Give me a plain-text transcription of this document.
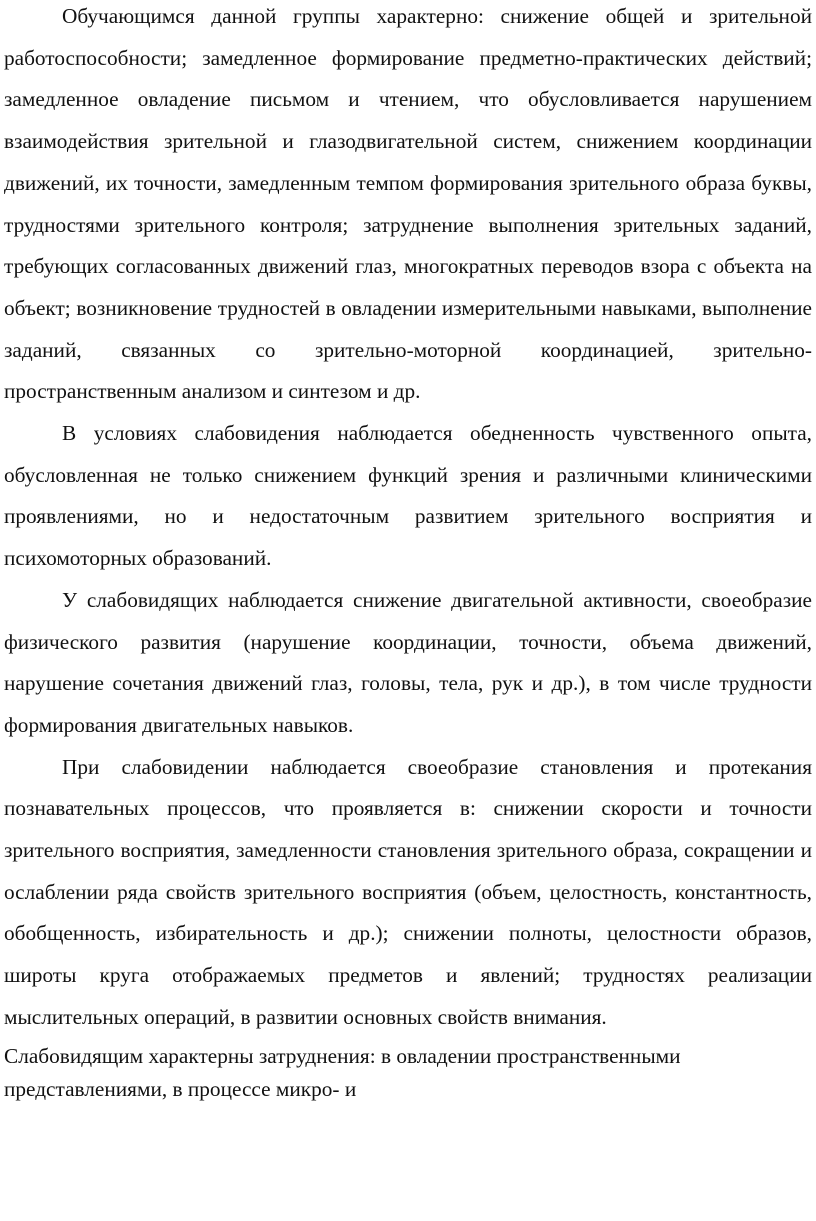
Обучающимся данной группы характерно: снижение общей и зрительной работоспособности; замедленное формирование предметно-практических действий; замедленное овладение письмом и чтением, что обусловливается нарушением взаимодействия зрительной и глазодвигательной систем, снижением координации движений, их точности, замедленным темпом формирования зрительного образа буквы, трудностями зрительного контроля; затруднение выполнения зрительных заданий, требующих согласованных движений глаз, многократных переводов взора с объекта на объект; возникновение трудностей в овладении измерительными навыками, выполнение заданий, связанных со зрительно-моторной координацией, зрительно-пространственным анализом и синтезом и др.

В условиях слабовидения наблюдается обедненность чувственного опыта, обусловленная не только снижением функций зрения и различными клиническими проявлениями, но и недостаточным развитием зрительного восприятия и психомоторных образований.

У слабовидящих наблюдается снижение двигательной активности, своеобразие физического развития (нарушение координации, точности, объема движений, нарушение сочетания движений глаз, головы, тела, рук и др.), в том числе трудности формирования двигательных навыков.

При слабовидении наблюдается своеобразие становления и протекания познавательных процессов, что проявляется в: снижении скорости и точности зрительного восприятия, замедленности становления зрительного образа, сокращении и ослаблении ряда свойств зрительного восприятия (объем, целостность, константность, обобщенность, избирательность и др.); снижении полноты, целостности образов, широты круга отображаемых предметов и явлений; трудностях реализации мыслительных операций, в развитии основных свойств внимания.

Слабовидящим характерны затруднения: в овладении пространственными представлениями, в процессе микро- и
